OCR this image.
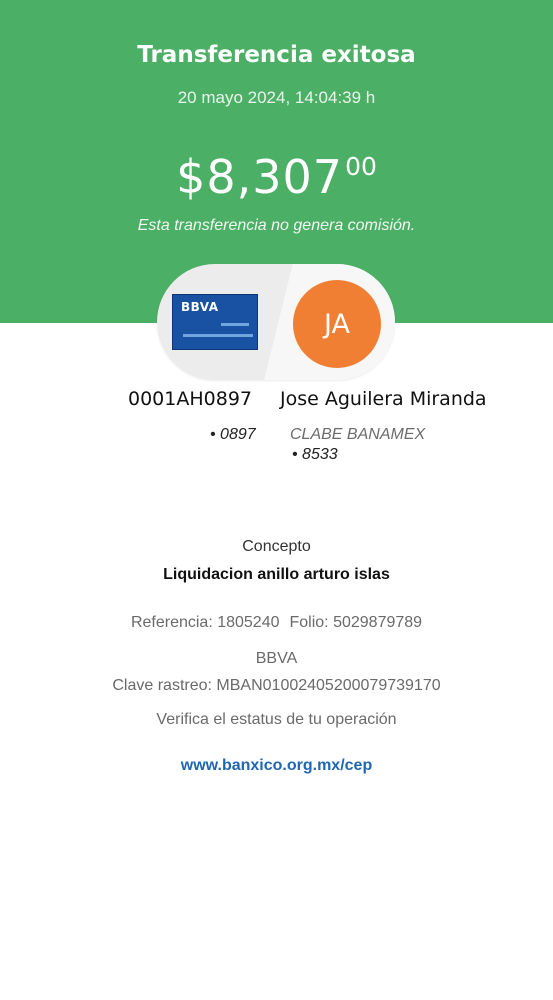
Transferencia exitosa
20 mayo 2024, 14:04:39 h
$8,307$^{00}$
Esta transferencia no genera comisión.
BBVA
JA
0001AH0897 Jose Aguilera Miranda
• 0897 CLABE BANAMEX
• 8533
Concepto
Liquidacion anillo arturo islas
Referencia: 1805240 Folio: 5029879789
BBVA
Clave rastreo: MBAN01002405200079739170
Verifica el estatus de tu operación
www.banxico.org.mx/cep
